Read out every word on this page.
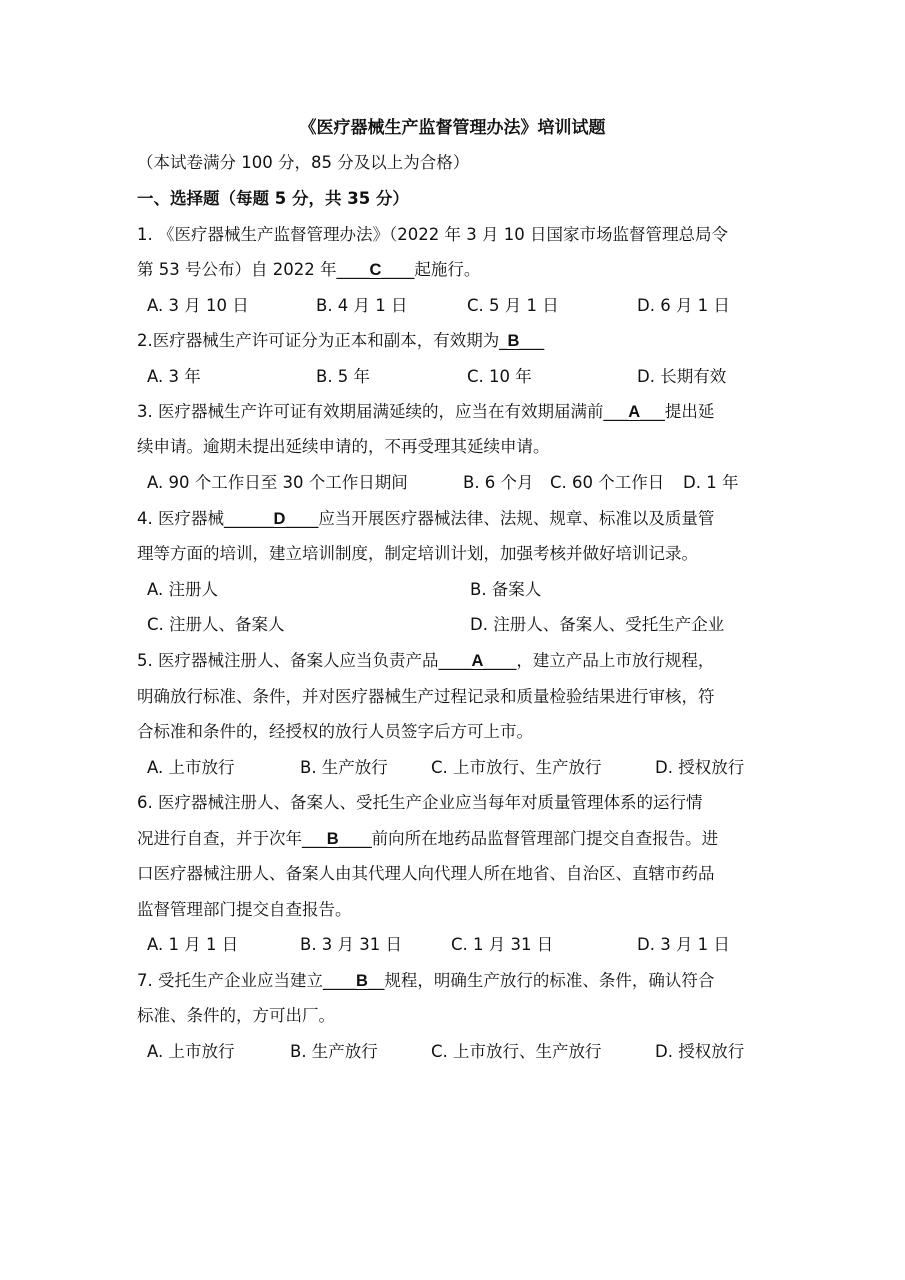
《医疗器械生产监督管理办法》培训试题
（本试卷满分 100 分，85 分及以上为合格）
一、选择题（每题 5 分，共 35 分）
1. 《医疗器械生产监督管理办法》（2022 年 3 月 10 日国家市场监督管理总局令
第 53 号公布）自 2022 年____C____起施行。
A. 3 月 10 日	B. 4 月 1 日	C. 5 月 1 日	D. 6 月 1 日
2.医疗器械生产许可证分为正本和副本，有效期为_B___
A. 3 年	B. 5 年	C. 10 年	D. 长期有效
3. 医疗器械生产许可证有效期届满延续的，应当在有效期届满前___A___提出延
续申请。逾期未提出延续申请的，不再受理其延续申请。
A. 90 个工作日至 30 个工作日期间	B. 6 个月 C. 60 个工作日 D. 1 年
4. 医疗器械______D____应当开展医疗器械法律、法规、规章、标准以及质量管
理等方面的培训，建立培训制度，制定培训计划，加强考核并做好培训记录。
A. 注册人	B. 备案人
C. 注册人、备案人	D. 注册人、备案人、受托生产企业
5. 医疗器械注册人、备案人应当负责产品____A____，建立产品上市放行规程，
明确放行标准、条件，并对医疗器械生产过程记录和质量检验结果进行审核，符
合标准和条件的，经授权的放行人员签字后方可上市。
A. 上市放行	B. 生产放行	C. 上市放行、生产放行	D. 授权放行
6. 医疗器械注册人、备案人、受托生产企业应当每年对质量管理体系的运行情
况进行自查，并于次年___B____前向所在地药品监督管理部门提交自查报告。进
口医疗器械注册人、备案人由其代理人向代理人所在地省、自治区、直辖市药品
监督管理部门提交自查报告。
A. 1 月 1 日	B. 3 月 31 日	C. 1 月 31 日	D. 3 月 1 日
7. 受托生产企业应当建立____B__规程，明确生产放行的标准、条件，确认符合
标准、条件的，方可出厂。
A. 上市放行	B. 生产放行	C. 上市放行、生产放行	D. 授权放行
